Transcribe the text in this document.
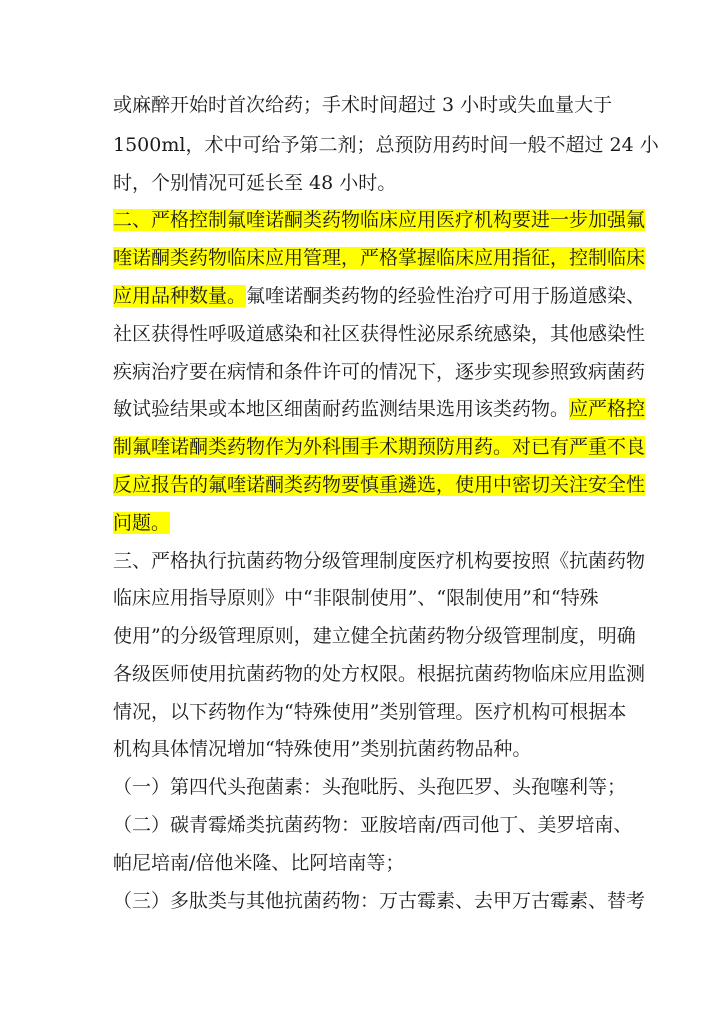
或麻醉开始时首次给药；手术时间超过 3 小时或失血量大于
1500ml，术中可给予第二剂；总预防用药时间一般不超过 24 小
时，个别情况可延长至 48 小时。
二、严格控制氟喹诺酮类药物临床应用医疗机构要进一步加强氟
喹诺酮类药物临床应用管理，严格掌握临床应用指征，控制临床
应用品种数量。氟喹诺酮类药物的经验性治疗可用于肠道感染、
社区获得性呼吸道感染和社区获得性泌尿系统感染，其他感染性
疾病治疗要在病情和条件许可的情况下，逐步实现参照致病菌药
敏试验结果或本地区细菌耐药监测结果选用该类药物。应严格控
制氟喹诺酮类药物作为外科围手术期预防用药。对已有严重不良
反应报告的氟喹诺酮类药物要慎重遴选，使用中密切关注安全性
问题。
三、严格执行抗菌药物分级管理制度医疗机构要按照《抗菌药物
临床应用指导原则》中“非限制使用”、“限制使用”和“特殊
使用”的分级管理原则，建立健全抗菌药物分级管理制度，明确
各级医师使用抗菌药物的处方权限。根据抗菌药物临床应用监测
情况，以下药物作为“特殊使用”类别管理。医疗机构可根据本
机构具体情况增加“特殊使用”类别抗菌药物品种。
（一）第四代头孢菌素：头孢吡肟、头孢匹罗、头孢噻利等；
（二）碳青霉烯类抗菌药物：亚胺培南/西司他丁、美罗培南、
帕尼培南/倍他米隆、比阿培南等；
（三）多肽类与其他抗菌药物：万古霉素、去甲万古霉素、替考
